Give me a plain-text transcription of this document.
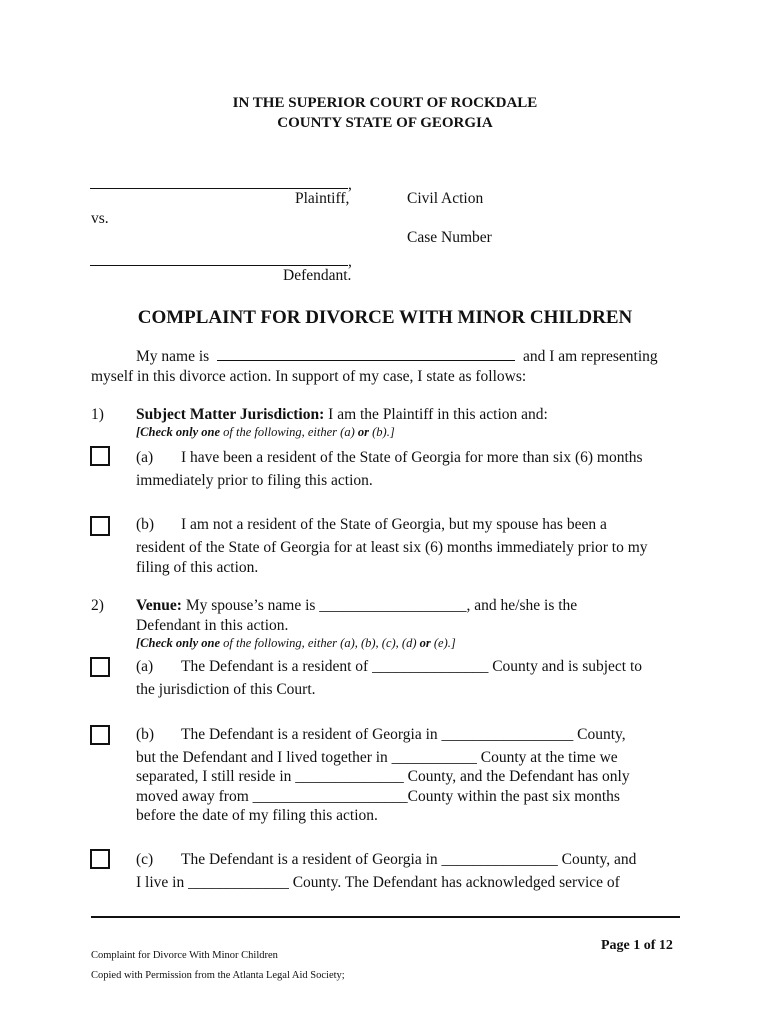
IN THE SUPERIOR COURT OF ROCKDALE
COUNTY STATE OF GEORGIA
,
Plaintiff,	Civil Action
vs.
Case Number
,
Defendant.
COMPLAINT FOR DIVORCE WITH MINOR CHILDREN
My name is	and I am representing
myself in this divorce action. In support of my case, I state as follows:
1) Subject Matter Jurisdiction: I am the Plaintiff in this action and:
[Check only one of the following, either (a) or (b).]
(a) I have been a resident of the State of Georgia for more than six (6) months
immediately prior to filing this action.
(b) I am not a resident of the State of Georgia, but my spouse has been a
resident of the State of Georgia for at least six (6) months immediately prior to my
filing of this action.
2) Venue: My spouse’s name is ___________________, and he/she is the
Defendant in this action.
[Check only one of the following, either (a), (b), (c), (d) or (e).]
(a) The Defendant is a resident of _______________ County and is subject to
the jurisdiction of this Court.
(b) The Defendant is a resident of Georgia in _________________ County,
but the Defendant and I lived together in ___________ County at the time we
separated, I still reside in ______________ County, and the Defendant has only
moved away from ____________________County within the past six months
before the date of my filing this action.
(c) The Defendant is a resident of Georgia in _______________ County, and
I live in _____________ County. The Defendant has acknowledged service of
Page 1 of 12
Complaint for Divorce With Minor Children
Copied with Permission from the Atlanta Legal Aid Society;
